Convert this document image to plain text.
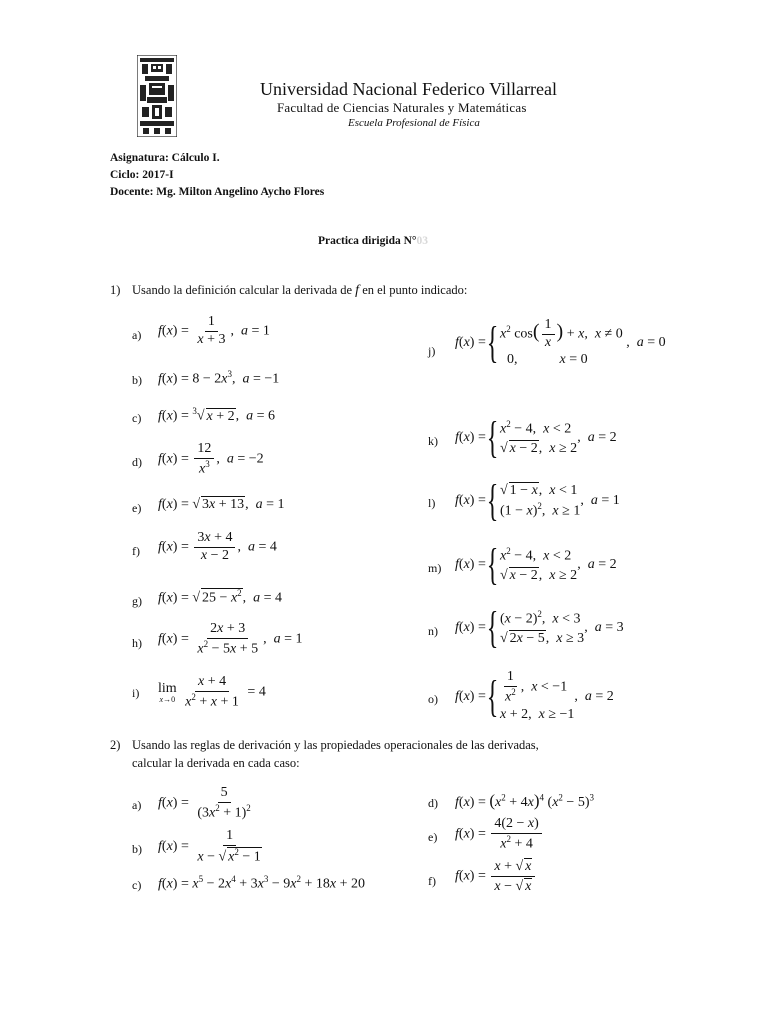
Universidad Nacional Federico Villarreal
Facultad de Ciencias Naturales y Matemáticas
Escuela Profesional de Física
Asignatura: Cálculo I.
Ciclo: 2017-I
Docente: Mg. Milton Angelino Aycho Flores
Practica dirigida N°03
1) Usando la definición calcular la derivada de f en el punto indicado:
a) $f(x) = \frac{1}{x + 3}$ ,  a = 1
b) $f(x) = 8 - 2x^3$,  a = −1
c) f(x) = $^3$√ x + 2,  a = 6
d) $f(x) = \frac{12}{x^3}$ ,  a = −2
e) f(x) = √ 3x + 13,  a = 1
f) $f(x) = \frac{3x + 4}{x - 2}$ ,  a = 4
g) f(x) = √ $25 - x^2$,  a = 4
h) $f(x) = \frac{2x + 3}{x^2 - 5x + 5}$ ,  a = 1
i) lim
x→0
$\frac{x + 4}{x^2 + x + 1} = 4$
j)
f ( x ) = { $x^2$ $\cos( \frac{1}{x}$ ) + x,  x ≠ 0
0,            x = 0
,  a = 0
k) f ( x ) = { $x^2 - 4$,  x < 2
√ x − 2,  x ≥ 2
,  a = 2
l) f ( x ) = { √ 1 − x,  x < 1
$(1 - x)^2$,  x ≥ 1
,  a = 1
m) f ( x ) = { $x^2 - 4$,  x < 2
√ x − 2,  x ≥ 2
,  a = 2
n) f ( x ) = { $(x - 2)^2$,  x < 3
√ 2x − 5,  x ≥ 3
,  a = 3
o) f ( x ) = { $\frac{1}{x^2}$ ,  x < −1
x + 2,  x ≥ −1
,  a = 2
2) Usando las reglas de derivación y las propiedades operacionales de las derivadas,
calcular la derivada en cada caso:
a) $f(x) = \frac{5}{(3x^2 + 1)^2}$
b) $f(x) = \frac{1}{x - √ x^2 - 1}$
c) $f(x) = x^5 - 2x^4 + 3x^3 - 9x^2 + 18x + 20$
d) $f(x) = (x^2 + 4x)^4$ $(x^2 - 5)^3$
e) $f(x) = \frac{4(2 - x)}{x^2 + 4}$
f) $f(x) = \frac{x + √ x}{x - √ x}$
